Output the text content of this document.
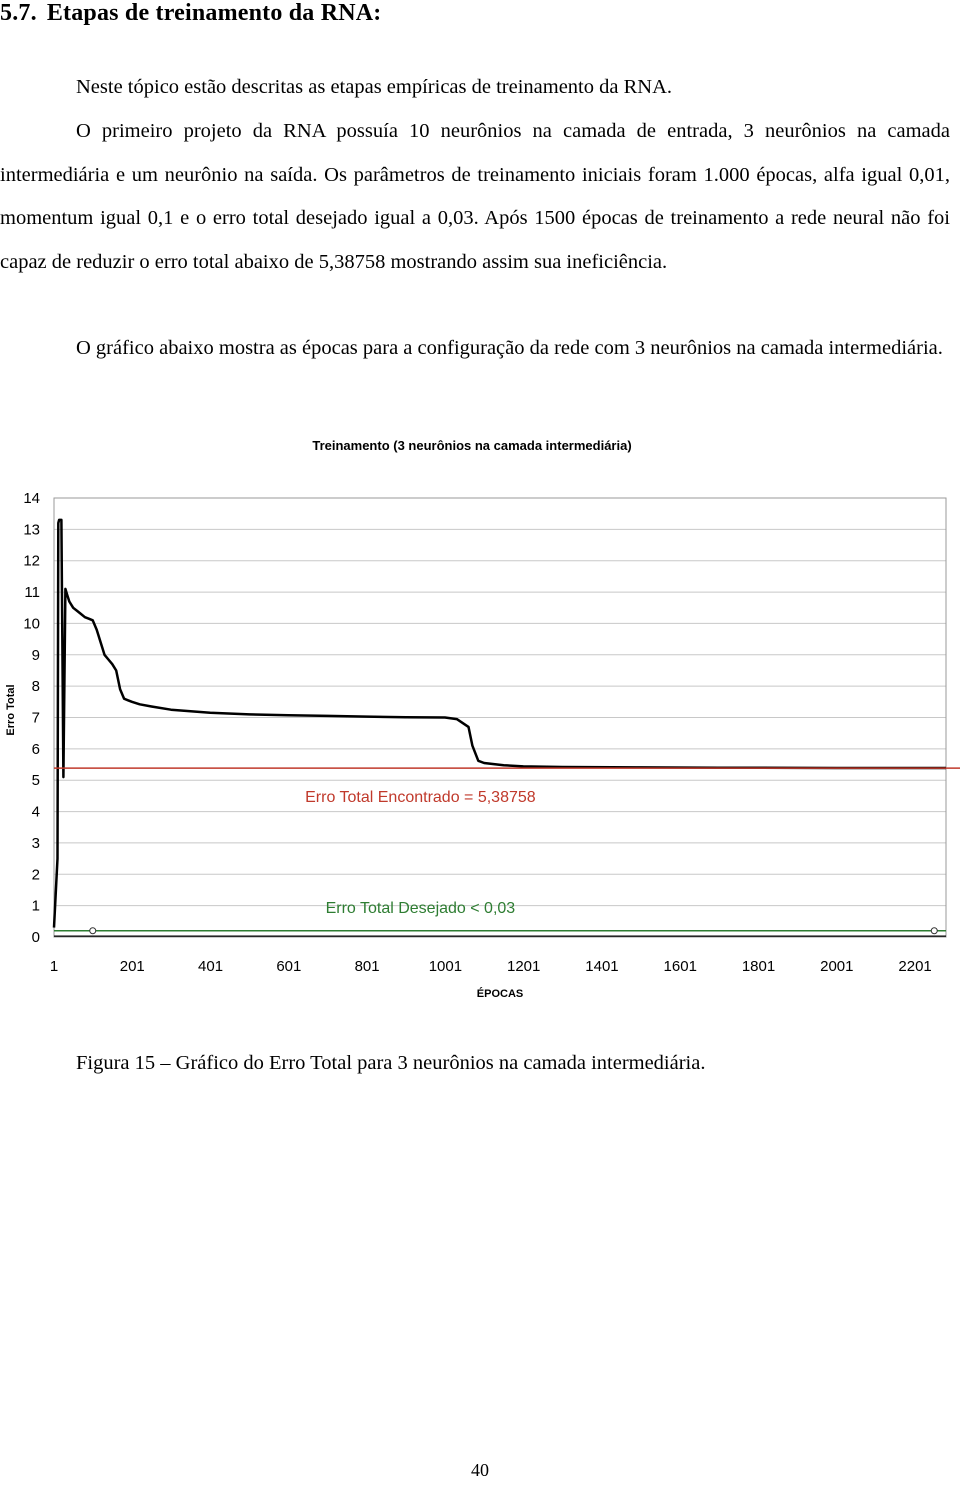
5.7. Etapas de treinamento da RNA:

Neste tópico estão descritas as etapas empíricas de treinamento da RNA.

O primeiro projeto da RNA possuía 10 neurônios na camada de entrada, 3 neurônios na camada intermediária e um neurônio na saída. Os parâmetros de treinamento iniciais foram 1.000 épocas, alfa igual 0,01, momentum igual 0,1 e o erro total desejado igual a 0,03. Após 1500 épocas de treinamento a rede neural não foi capaz de reduzir o erro total abaixo de 5,38758 mostrando assim sua ineficiência.

O gráfico abaixo mostra as épocas para a configuração da rede com 3 neurônios na camada intermediária.

Treinamento (3 neurônios na camada intermediária)
Erro Total
ÉPOCAS
0
1
2
3
4
5
6
7
8
9
10
11
12
13
14
1	201	401	601	801	1001	1201	1401	1601	1801	2001	2201
Erro Total Encontrado = 5,38758
Erro Total Desejado < 0,03
Figura 15 – Gráfico do Erro Total para 3 neurônios na camada intermediária.
40
